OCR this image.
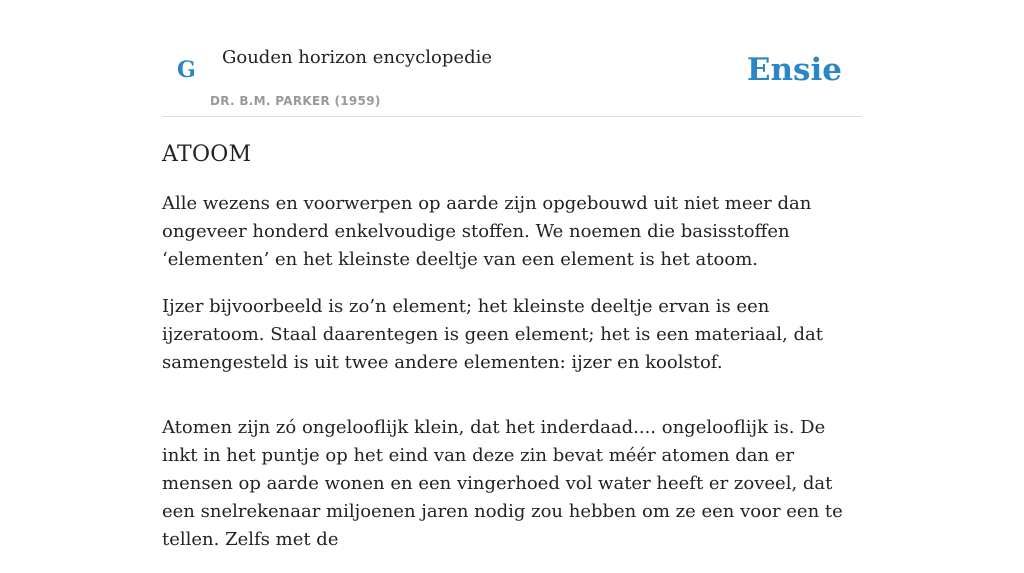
G Gouden horizon encyclopedie
DR. B.M. PARKER (1959)
Ensie
ATOOM

Alle wezens en voorwerpen op aarde zijn opgebouwd uit niet meer dan ongeveer honderd enkelvoudige stoffen. We noemen die basisstoffen ‘elementen’ en het kleinste deeltje van een element is het atoom.

Ijzer bijvoorbeeld is zo’n element; het kleinste deeltje ervan is een ijzeratoom. Staal daarentegen is geen element; het is een materiaal, dat samengesteld is uit twee andere elementen: ijzer en koolstof.

Atomen zijn zó ongelooflijk klein, dat het inderdaad.... ongelooflijk is. De inkt in het puntje op het eind van deze zin bevat méér atomen dan er mensen op aarde wonen en een vingerhoed vol water heeft er zoveel, dat een snelrekenaar miljoenen jaren nodig zou hebben om ze een voor een te tellen. Zelfs met de
